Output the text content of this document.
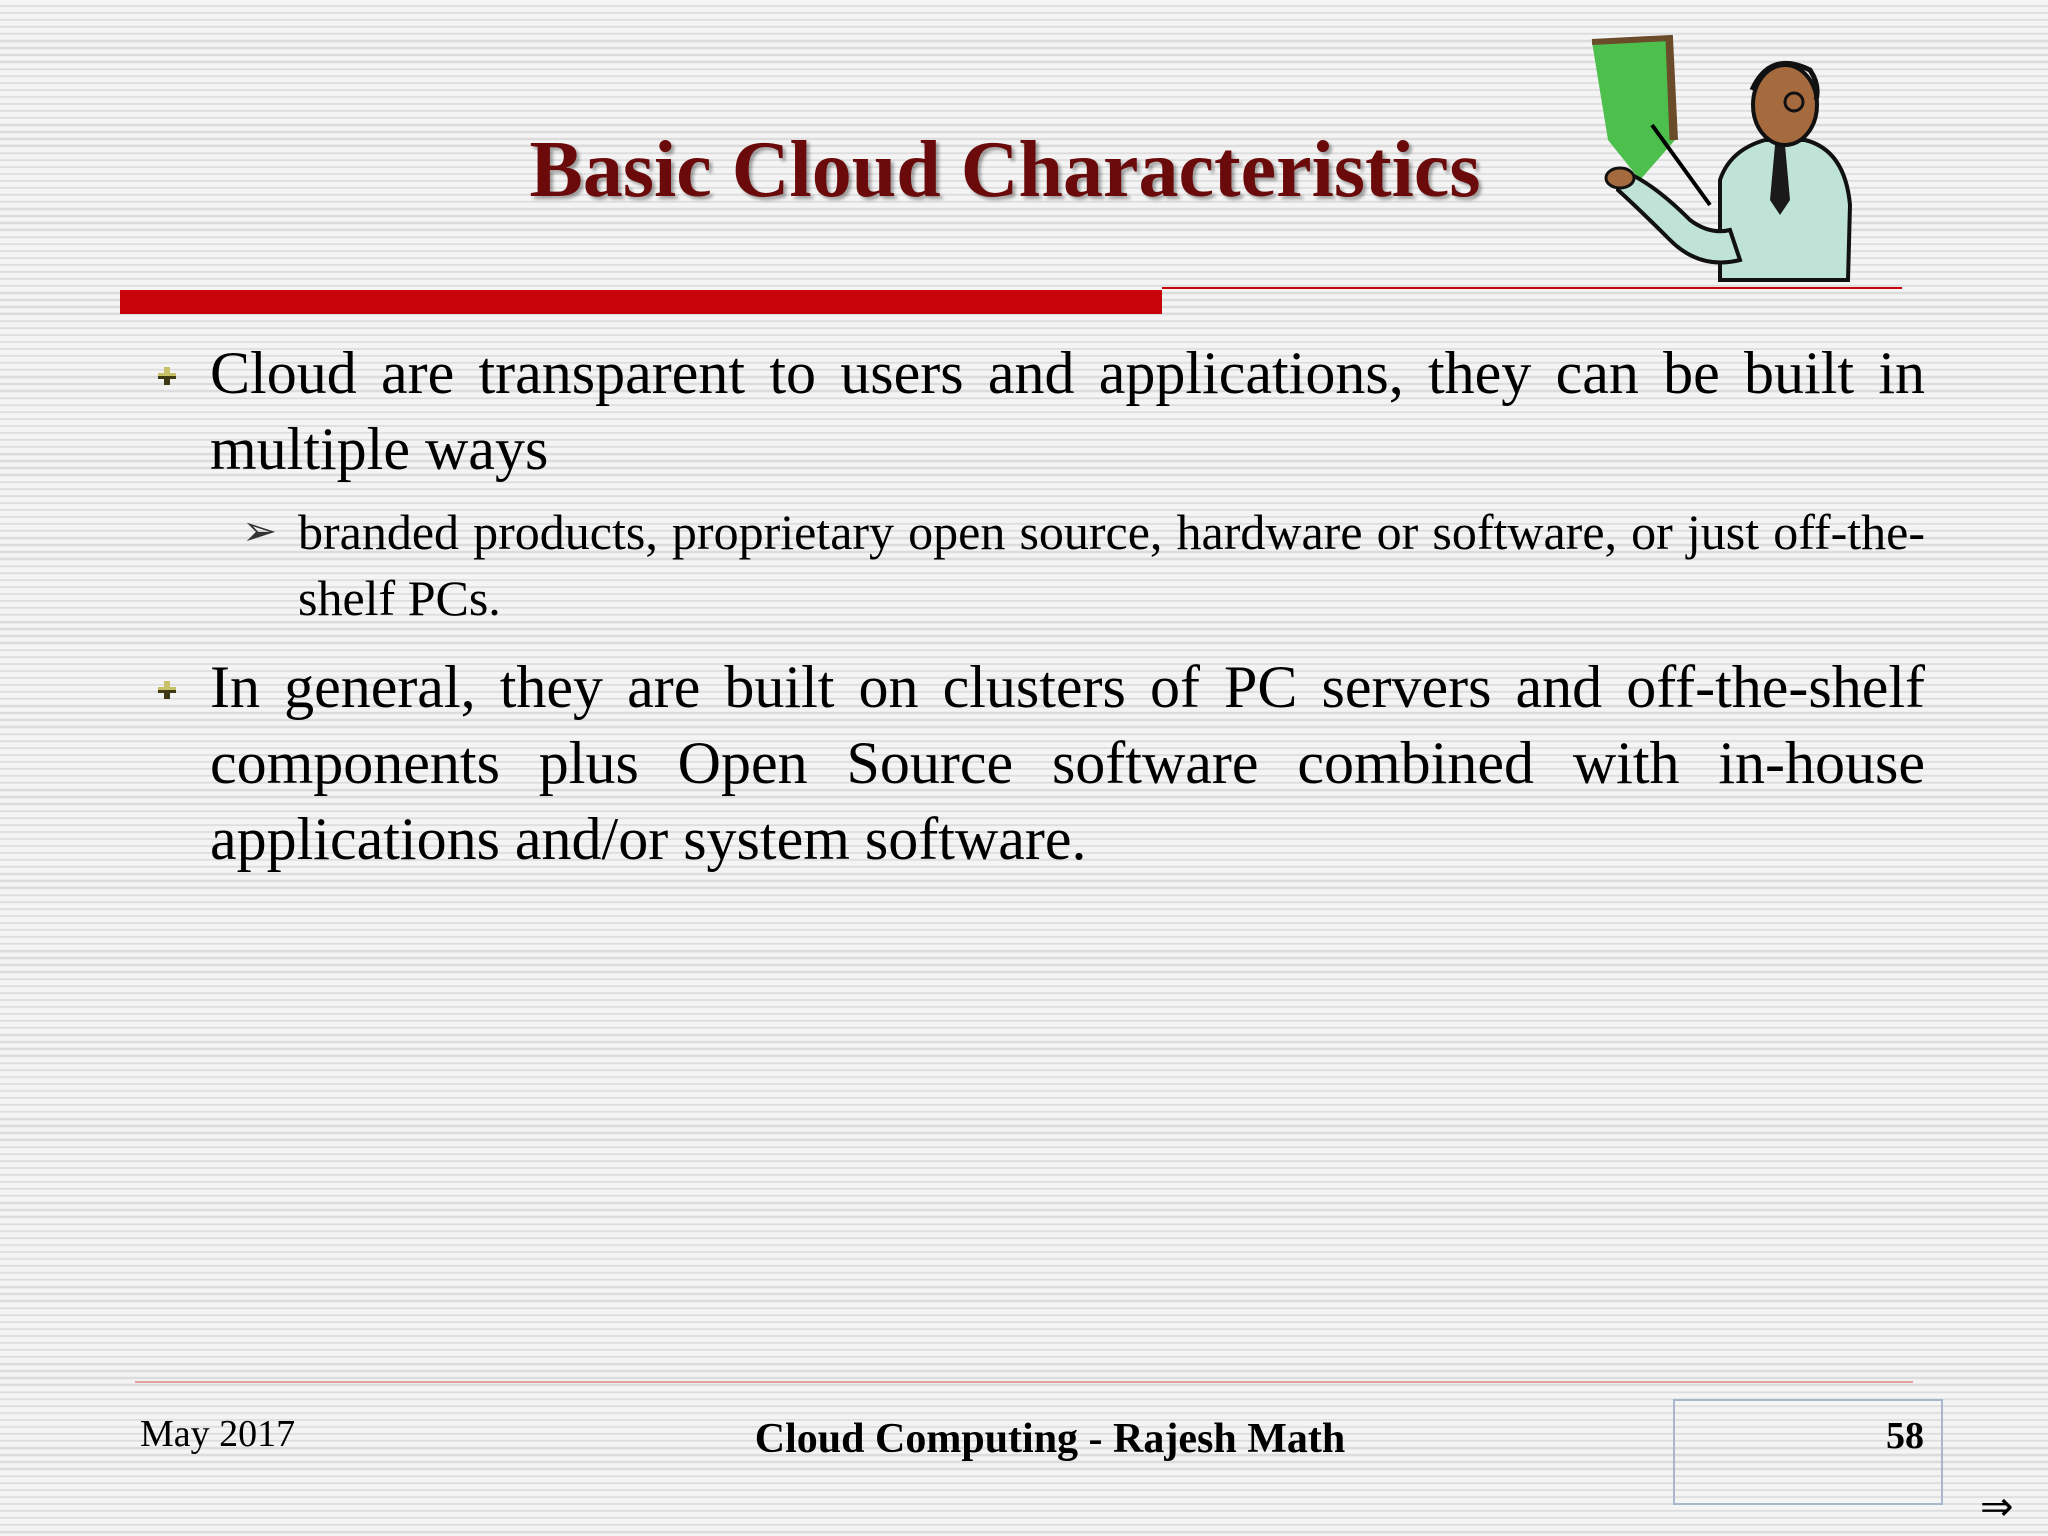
Basic Cloud Characteristics
Cloud are transparent to users and applications, they can be built in multiple ways
➢ branded products, proprietary open source, hardware or software, or just off-the-shelf PCs.
In general, they are built on clusters of PC servers and off-the-shelf components plus Open Source software combined with in-house applications and/or system software.
May 2017	Cloud Computing - Rajesh Math	58
⇒
